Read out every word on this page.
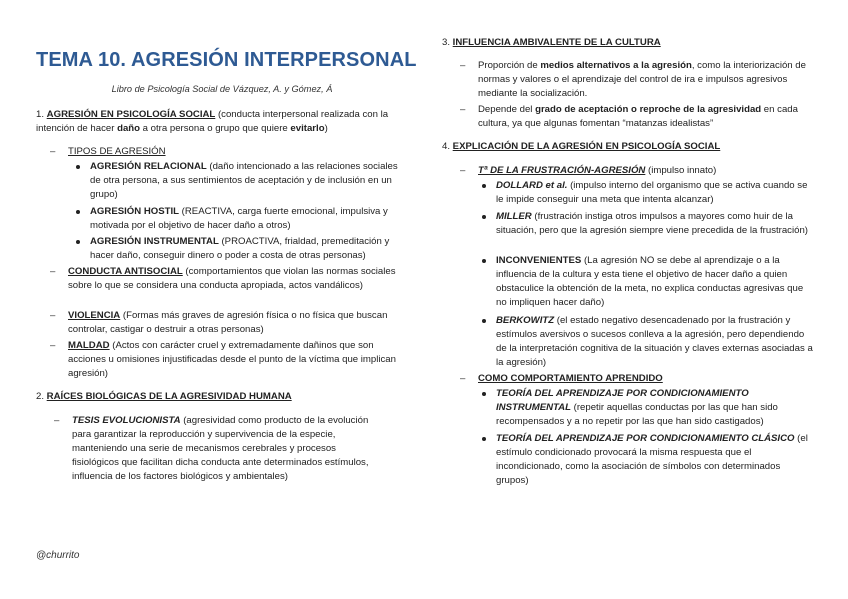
TEMA 10. AGRESIÓN INTERPERSONAL
Libro de Psicología Social de Vázquez, A. y Gómez, Á

1. AGRESIÓN EN PSICOLOGÍA SOCIAL (conducta interpersonal realizada con la intención de hacer daño a otra persona o grupo que quiere evitarlo)

– TIPOS DE AGRESIÓN

AGRESIÓN RELACIONAL (daño intencionado a las relaciones sociales de otra persona, a sus sentimientos de aceptación y de inclusión en un grupo)

AGRESIÓN HOSTIL (REACTIVA, carga fuerte emocional, impulsiva y motivada por el objetivo de hacer daño a otros)

AGRESIÓN INSTRUMENTAL (PROACTIVA, frialdad, premeditación y hacer daño, conseguir dinero o poder a costa de otras personas)

– CONDUCTA ANTISOCIAL (comportamientos que violan las normas sociales sobre lo que se considera una conducta apropiada, actos vandálicos)

– VIOLENCIA (Formas más graves de agresión física o no física que buscan controlar, castigar o destruir a otras personas)

– MALDAD (Actos con carácter cruel y extremadamente dañinos que son acciones u omisiones injustificadas desde el punto de la víctima que implican agresión)

2. RAÍCES BIOLÓGICAS DE LA AGRESIVIDAD HUMANA

– TESIS EVOLUCIONISTA (agresividad como producto de la evolución para garantizar la reproducción y supervivencia de la especie, manteniendo una serie de mecanismos cerebrales y procesos fisiológicos que facilitan dicha conducta ante determinados estímulos, influencia de los factores biológicos y ambientales)

3. INFLUENCIA AMBIVALENTE DE LA CULTURA

– Proporción de medios alternativos a la agresión, como la interiorización de normas y valores o el aprendizaje del control de ira e impulsos agresivos mediante la socialización.

– Depende del grado de aceptación o reproche de la agresividad en cada cultura, ya que algunas fomentan “matanzas idealistas”

4. EXPLICACIÓN DE LA AGRESIÓN EN PSICOLOGÍA SOCIAL

– Tª DE LA FRUSTRACIÓN-AGRESIÓN (impulso innato)

DOLLARD et al. (impulso interno del organismo que se activa cuando se le impide conseguir una meta que intenta alcanzar)

MILLER (frustración instiga otros impulsos a mayores como huir de la situación, pero que la agresión siempre viene precedida de la frustración)

INCONVENIENTES (La agresión NO se debe al aprendizaje o a la influencia de la cultura y esta tiene el objetivo de hacer daño a quien obstaculice la obtención de la meta, no explica conductas agresivas que no impliquen hacer daño)

BERKOWITZ (el estado negativo desencadenado por la frustración y estímulos aversivos o sucesos conlleva a la agresión, pero dependiendo de la interpretación cognitiva de la situación y claves externas asociadas a la agresión)

– COMO COMPORTAMIENTO APRENDIDO

TEORÍA DEL APRENDIZAJE POR CONDICIONAMIENTO INSTRUMENTAL (repetir aquellas conductas por las que han sido recompensados y a no repetir por las que han sido castigados)

TEORÍA DEL APRENDIZAJE POR CONDICIONAMIENTO CLÁSICO (el estímulo condicionado provocará la misma respuesta que el incondicionado, como la asociación de símbolos con determinados grupos)

@churrito
